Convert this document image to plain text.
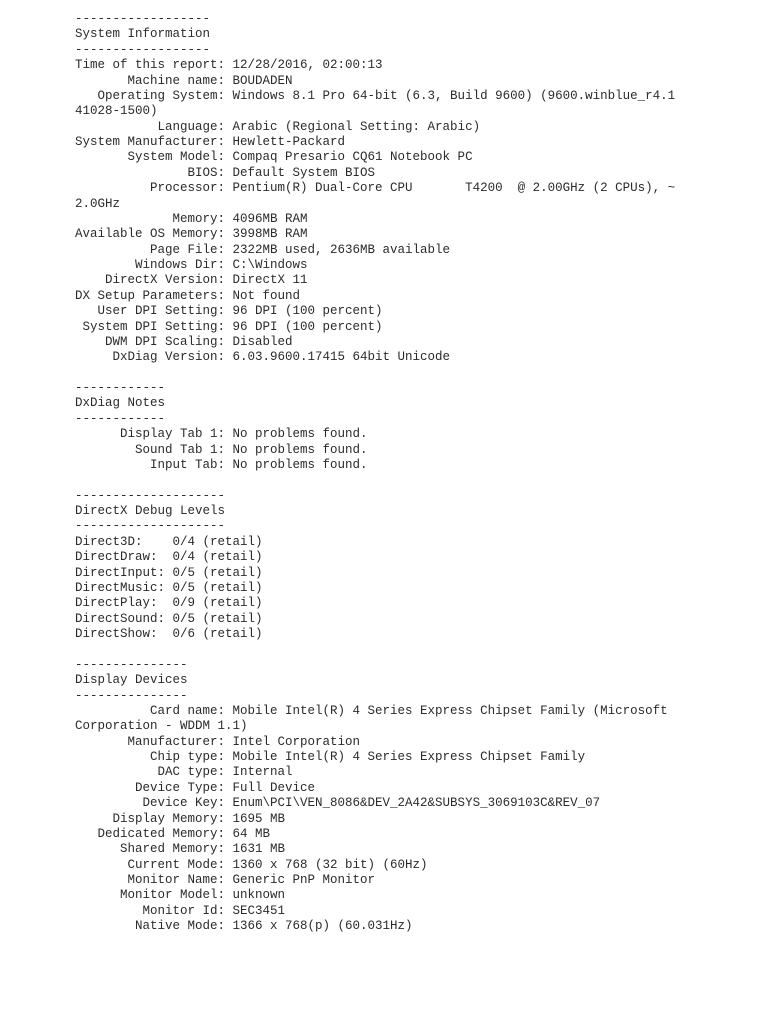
------------------
System Information
------------------
Time of this report: 12/28/2016, 02:00:13
Machine name: BOUDADEN
Operating System: Windows 8.1 Pro 64-bit (6.3, Build 9600) (9600.winblue_r4.1
41028-1500)
Language: Arabic (Regional Setting: Arabic)
System Manufacturer: Hewlett-Packard
System Model: Compaq Presario CQ61 Notebook PC
BIOS: Default System BIOS
Processor: Pentium(R) Dual-Core CPU       T4200  @ 2.00GHz (2 CPUs), ~
2.0GHz
Memory: 4096MB RAM
Available OS Memory: 3998MB RAM
Page File: 2322MB used, 2636MB available
Windows Dir: C:\Windows
DirectX Version: DirectX 11
DX Setup Parameters: Not found
User DPI Setting: 96 DPI (100 percent)
System DPI Setting: 96 DPI (100 percent)
DWM DPI Scaling: Disabled
DxDiag Version: 6.03.9600.17415 64bit Unicode
------------
DxDiag Notes
------------
Display Tab 1: No problems found.
Sound Tab 1: No problems found.
Input Tab: No problems found.
--------------------
DirectX Debug Levels
--------------------
Direct3D:    0/4 (retail)
DirectDraw:  0/4 (retail)
DirectInput: 0/5 (retail)
DirectMusic: 0/5 (retail)
DirectPlay:  0/9 (retail)
DirectSound: 0/5 (retail)
DirectShow:  0/6 (retail)
---------------
Display Devices
---------------
Card name: Mobile Intel(R) 4 Series Express Chipset Family (Microsoft
Corporation - WDDM 1.1)
Manufacturer: Intel Corporation
Chip type: Mobile Intel(R) 4 Series Express Chipset Family
DAC type: Internal
Device Type: Full Device
Device Key: Enum\PCI\VEN_8086&DEV_2A42&SUBSYS_3069103C&REV_07
Display Memory: 1695 MB
Dedicated Memory: 64 MB
Shared Memory: 1631 MB
Current Mode: 1360 x 768 (32 bit) (60Hz)
Monitor Name: Generic PnP Monitor
Monitor Model: unknown
Monitor Id: SEC3451
Native Mode: 1366 x 768(p) (60.031Hz)
